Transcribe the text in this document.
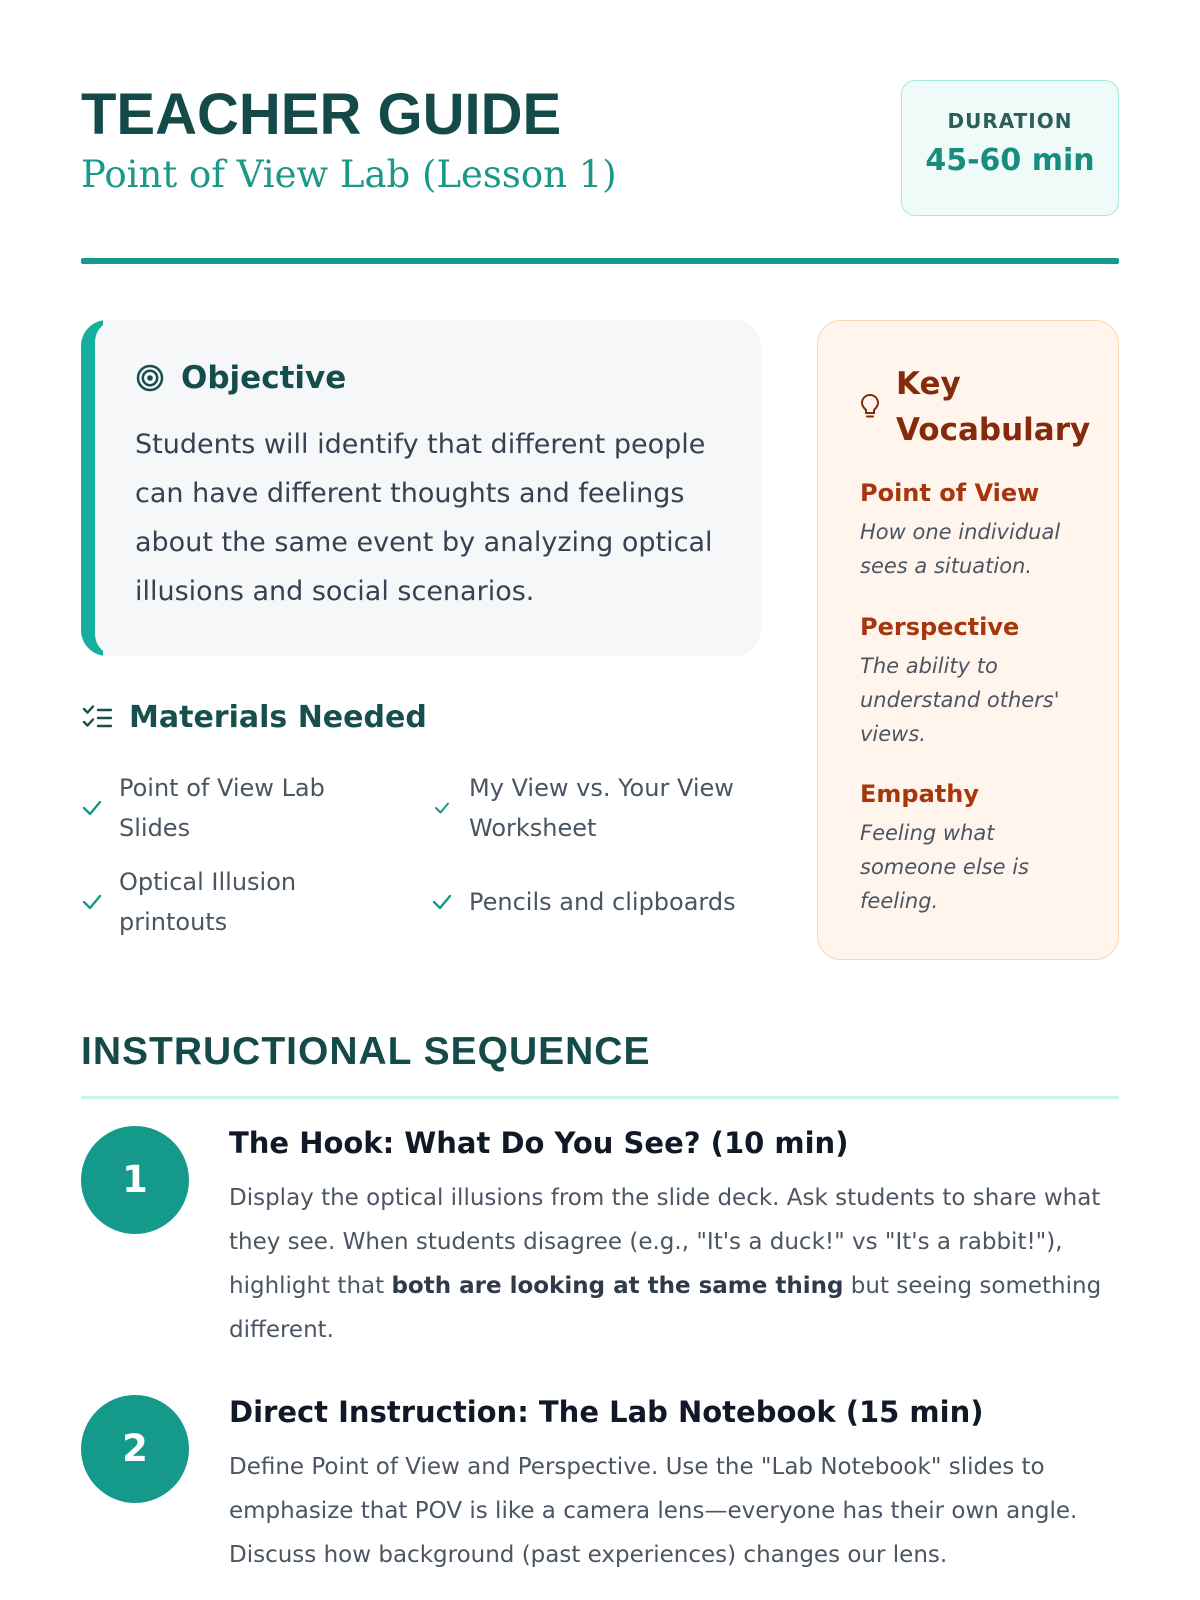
TEACHER GUIDE
Point of View Lab (Lesson 1)
DURATION
45-60 min
Objective

Students will identify that different people can have different thoughts and feelings about the same event by analyzing optical illusions and social scenarios.

Materials Needed
Point of View Lab Slides
My View vs. Your View Worksheet
Optical Illusion printouts
Pencils and clipboards
Key Vocabulary
Point of View

How one individual sees a situation.

Perspective

The ability to understand others' views.

Empathy

Feeling what someone else is feeling.

INSTRUCTIONAL SEQUENCE
1
The Hook: What Do You See? (10 min)

Display the optical illusions from the slide deck. Ask students to share what they see. When students disagree (e.g., "It's a duck!" vs "It's a rabbit!"), highlight that both are looking at the same thing but seeing something different.

2
Direct Instruction: The Lab Notebook (15 min)

Define Point of View and Perspective. Use the "Lab Notebook" slides to emphasize that POV is like a camera lens—everyone has their own angle. Discuss how background (past experiences) changes our lens.
